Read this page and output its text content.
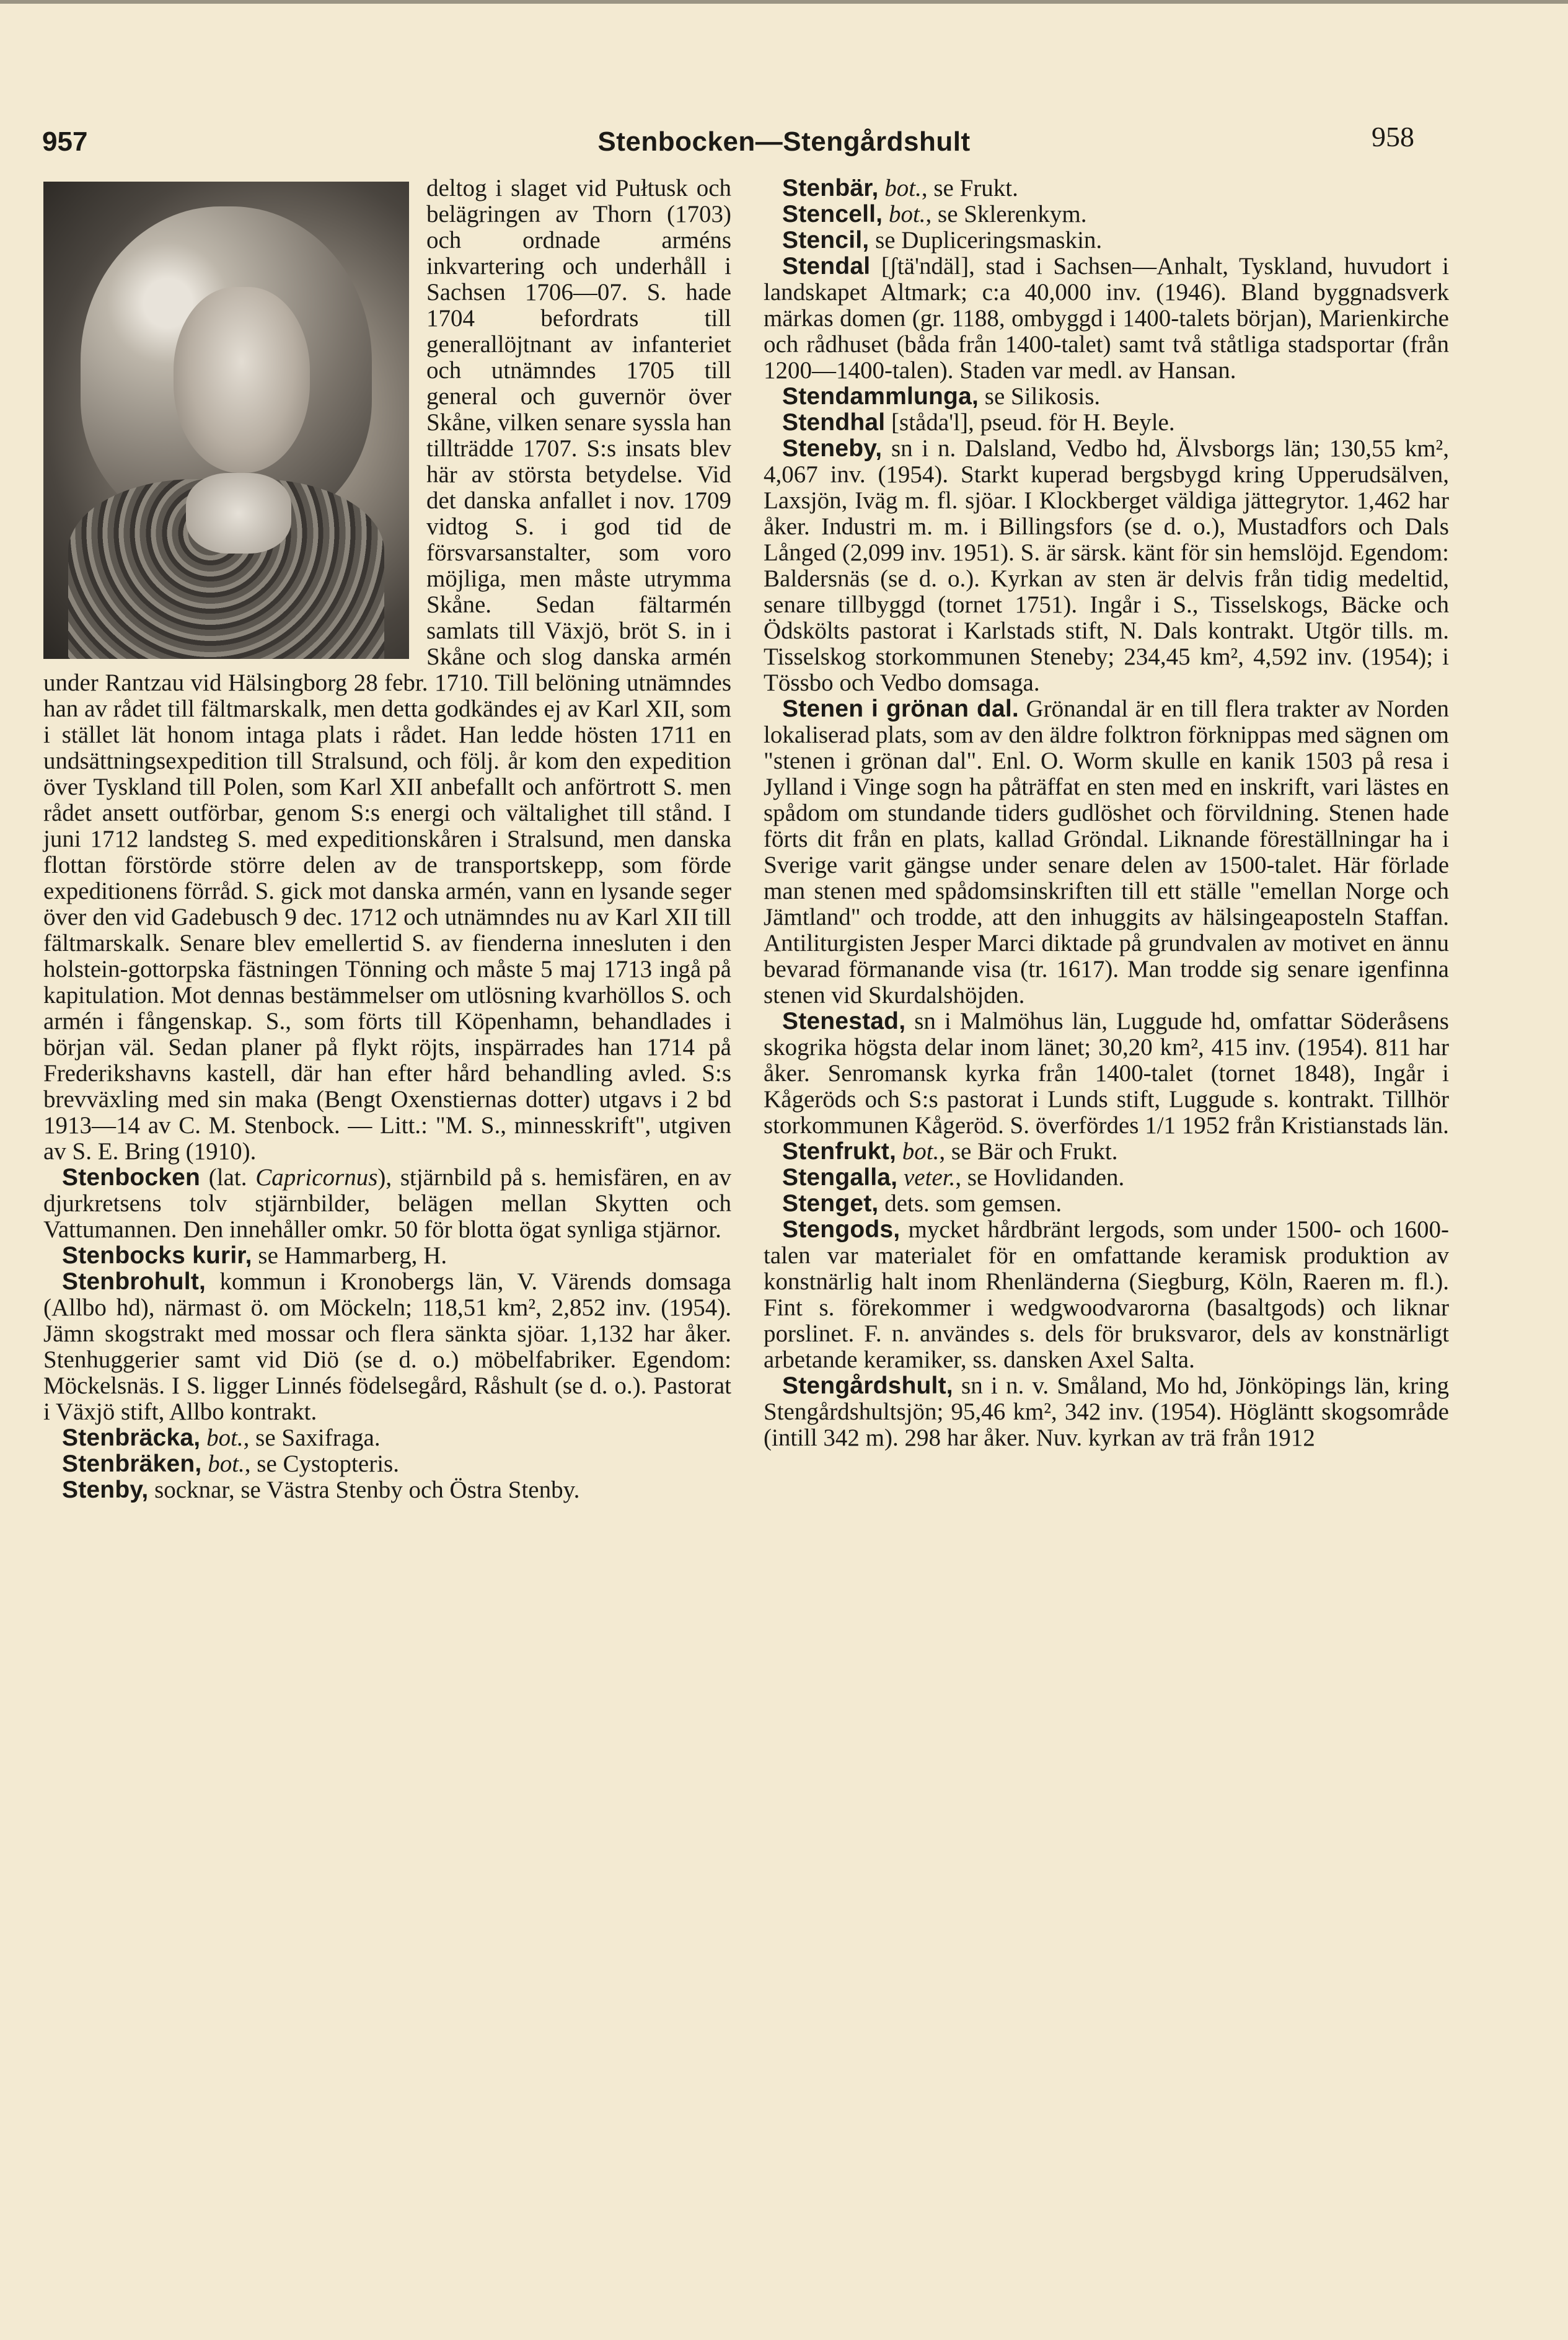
957	Stenbocken—Stengårdshult	958

deltog i slaget vid Pułtusk och belägringen av Thorn (1703) och ordnade arméns inkvartering och underhåll i Sachsen 1706—07. S. hade 1704 befordrats till generallöjtnant av infanteriet och utnämndes 1705 till general och guvernör över Skåne, vilken senare syssla han tillträdde 1707. S:s insats blev här av största betydelse. Vid det danska anfallet i nov. 1709 vidtog S. i god tid de försvarsanstalter, som voro möjliga, men måste utrymma Skåne. Sedan fältarmén samlats till Växjö, bröt S. in i Skåne och slog danska armén under Rantzau vid Hälsingborg 28 febr. 1710. Till belöning utnämndes han av rådet till fältmarskalk, men detta godkändes ej av Karl XII, som i stället lät honom intaga plats i rådet. Han ledde hösten 1711 en undsättningsexpedition till Stralsund, och följ. år kom den expedition över Tyskland till Polen, som Karl XII anbefallt och anförtrott S. men rådet ansett outförbar, genom S:s energi och vältalighet till stånd. I juni 1712 landsteg S. med expeditionskåren i Stralsund, men danska flottan förstörde större delen av de transportskepp, som förde expeditionens förråd. S. gick mot danska armén, vann en lysande seger över den vid Gadebusch 9 dec. 1712 och utnämndes nu av Karl XII till fältmarskalk. Senare blev emellertid S. av fienderna innesluten i den holstein-gottorpska fästningen Tönning och måste 5 maj 1713 ingå på kapitulation. Mot dennas bestämmelser om utlösning kvarhöllos S. och armén i fångenskap. S., som förts till Köpenhamn, behandlades i början väl. Sedan planer på flykt röjts, inspärrades han 1714 på Frederikshavns kastell, där han efter hård behandling avled. S:s brevväxling med sin maka (Bengt Oxenstiernas dotter) utgavs i 2 bd 1913—14 av C. M. Stenbock. — Litt.: "M. S., minnesskrift", utgiven av S. E. Bring (1910).

Stenbocken (lat. Capricornus), stjärnbild på s. hemisfären, en av djurkretsens tolv stjärnbilder, belägen mellan Skytten och Vattumannen. Den innehåller omkr. 50 för blotta ögat synliga stjärnor.

Stenbocks kurir, se Hammarberg, H.

Stenbrohult, kommun i Kronobergs län, V. Värends domsaga (Allbo hd), närmast ö. om Möckeln; 118,51 km², 2,852 inv. (1954). Jämn skogstrakt med mossar och flera sänkta sjöar. 1,132 har åker. Stenhuggerier samt vid Diö (se d. o.) möbelfabriker. Egendom: Möckelsnäs. I S. ligger Linnés födelsegård, Råshult (se d. o.). Pastorat i Växjö stift, Allbo kontrakt.

Stenbräcka, bot., se Saxifraga.

Stenbräken, bot., se Cystopteris.

Stenby, socknar, se Västra Stenby och Östra Stenby.

Stenbär, bot., se Frukt.

Stencell, bot., se Sklerenkym.

Stencil, se Dupliceringsmaskin.

Stendal [ʃtä'ndäl], stad i Sachsen—Anhalt, Tyskland, huvudort i landskapet Altmark; c:a 40,000 inv. (1946). Bland byggnadsverk märkas domen (gr. 1188, ombyggd i 1400-talets början), Marienkirche och rådhuset (båda från 1400-talet) samt två ståtliga stadsportar (från 1200—1400-talen). Staden var medl. av Hansan.

Stendammlunga, se Silikosis.

Stendhal [ståda'l], pseud. för H. Beyle.

Steneby, sn i n. Dalsland, Vedbo hd, Älvsborgs län; 130,55 km², 4,067 inv. (1954). Starkt kuperad bergsbygd kring Upperudsälven, Laxsjön, Iväg m. fl. sjöar. I Klockberget väldiga jättegrytor. 1,462 har åker. Industri m. m. i Billingsfors (se d. o.), Mustadfors och Dals Långed (2,099 inv. 1951). S. är särsk. känt för sin hemslöjd. Egendom: Baldersnäs (se d. o.). Kyrkan av sten är delvis från tidig medeltid, senare tillbyggd (tornet 1751). Ingår i S., Tisselskogs, Bäcke och Ödskölts pastorat i Karlstads stift, N. Dals kontrakt. Utgör tills. m. Tisselskog storkommunen Steneby; 234,45 km², 4,592 inv. (1954); i Tössbo och Vedbo domsaga.

Stenen i grönan dal. Grönandal är en till flera trakter av Norden lokaliserad plats, som av den äldre folktron förknippas med sägnen om "stenen i grönan dal". Enl. O. Worm skulle en kanik 1503 på resa i Jylland i Vinge sogn ha påträffat en sten med en inskrift, vari lästes en spådom om stundande tiders gudlöshet och förvildning. Stenen hade förts dit från en plats, kallad Gröndal. Liknande föreställningar ha i Sverige varit gängse under senare delen av 1500-talet. Här förlade man stenen med spådomsinskriften till ett ställe "emellan Norge och Jämtland" och trodde, att den inhuggits av hälsingeaposteln Staffan. Antiliturgisten Jesper Marci diktade på grundvalen av motivet en ännu bevarad förmanande visa (tr. 1617). Man trodde sig senare igenfinna stenen vid Skurdalshöjden.

Stenestad, sn i Malmöhus län, Luggude hd, omfattar Söderåsens skogrika högsta delar inom länet; 30,20 km², 415 inv. (1954). 811 har åker. Senromansk kyrka från 1400-talet (tornet 1848), Ingår i Kågeröds och S:s pastorat i Lunds stift, Luggude s. kontrakt. Tillhör storkommunen Kågeröd. S. överfördes 1/1 1952 från Kristianstads län.

Stenfrukt, bot., se Bär och Frukt.

Stengalla, veter., se Hovlidanden.

Stenget, dets. som gemsen.

Stengods, mycket hårdbränt lergods, som under 1500- och 1600-talen var materialet för en omfattande keramisk produktion av konstnärlig halt inom Rhenländerna (Siegburg, Köln, Raeren m. fl.). Fint s. förekommer i wedgwoodvarorna (basaltgods) och liknar porslinet. F. n. användes s. dels för bruksvaror, dels av konstnärligt arbetande keramiker, ss. dansken Axel Salta.

Stengårdshult, sn i n. v. Småland, Mo hd, Jönköpings län, kring Stengårdshultsjön; 95,46 km², 342 inv. (1954). Högläntt skogsområde (intill 342 m). 298 har åker. Nuv. kyrkan av trä från 1912
